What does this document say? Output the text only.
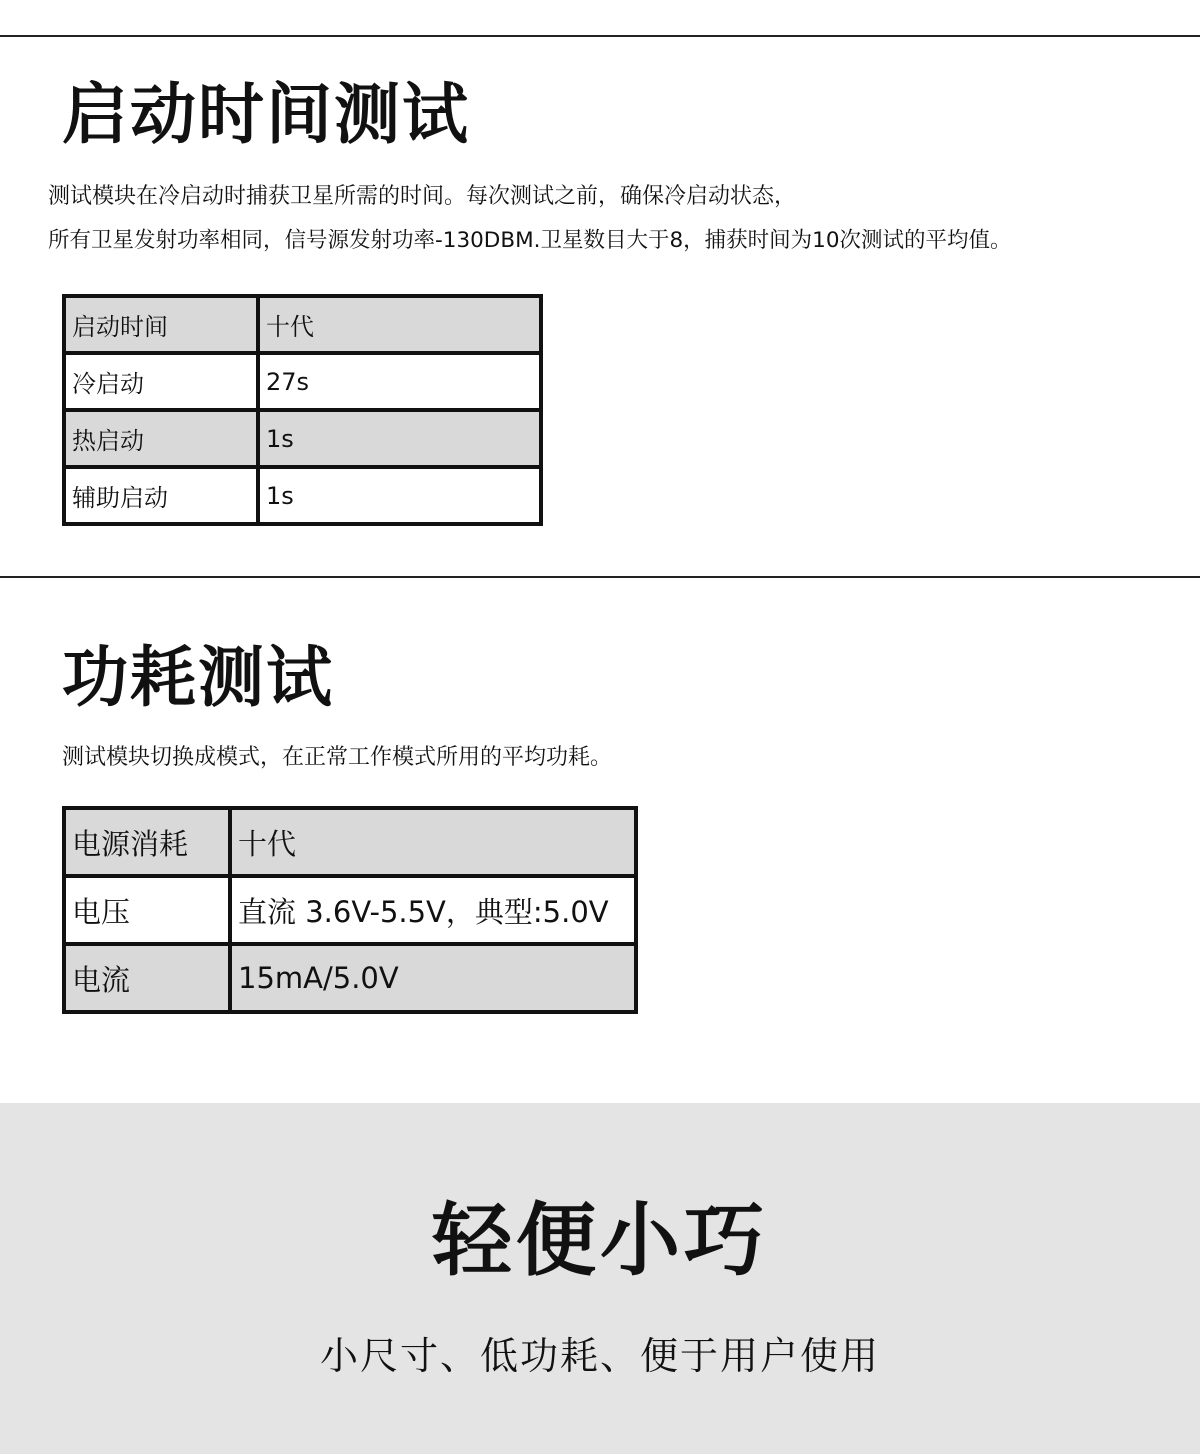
启动时间测试
测试模块在冷启动时捕获卫星所需的时间。每次测试之前，确保冷启动状态，
所有卫星发射功率相同，信号源发射功率-130DBM.卫星数目大于8，捕获时间为10次测试的平均值。
启动时间	十代
冷启动	27s
热启动	1s
辅助启动	1s
功耗测试
测试模块切换成模式，在正常工作模式所用的平均功耗。
电源消耗	十代
电压	直流 3.6V-5.5V，典型:5.0V
电流	15mA/5.0V
轻便小巧
小尺寸、低功耗、便于用户使用
